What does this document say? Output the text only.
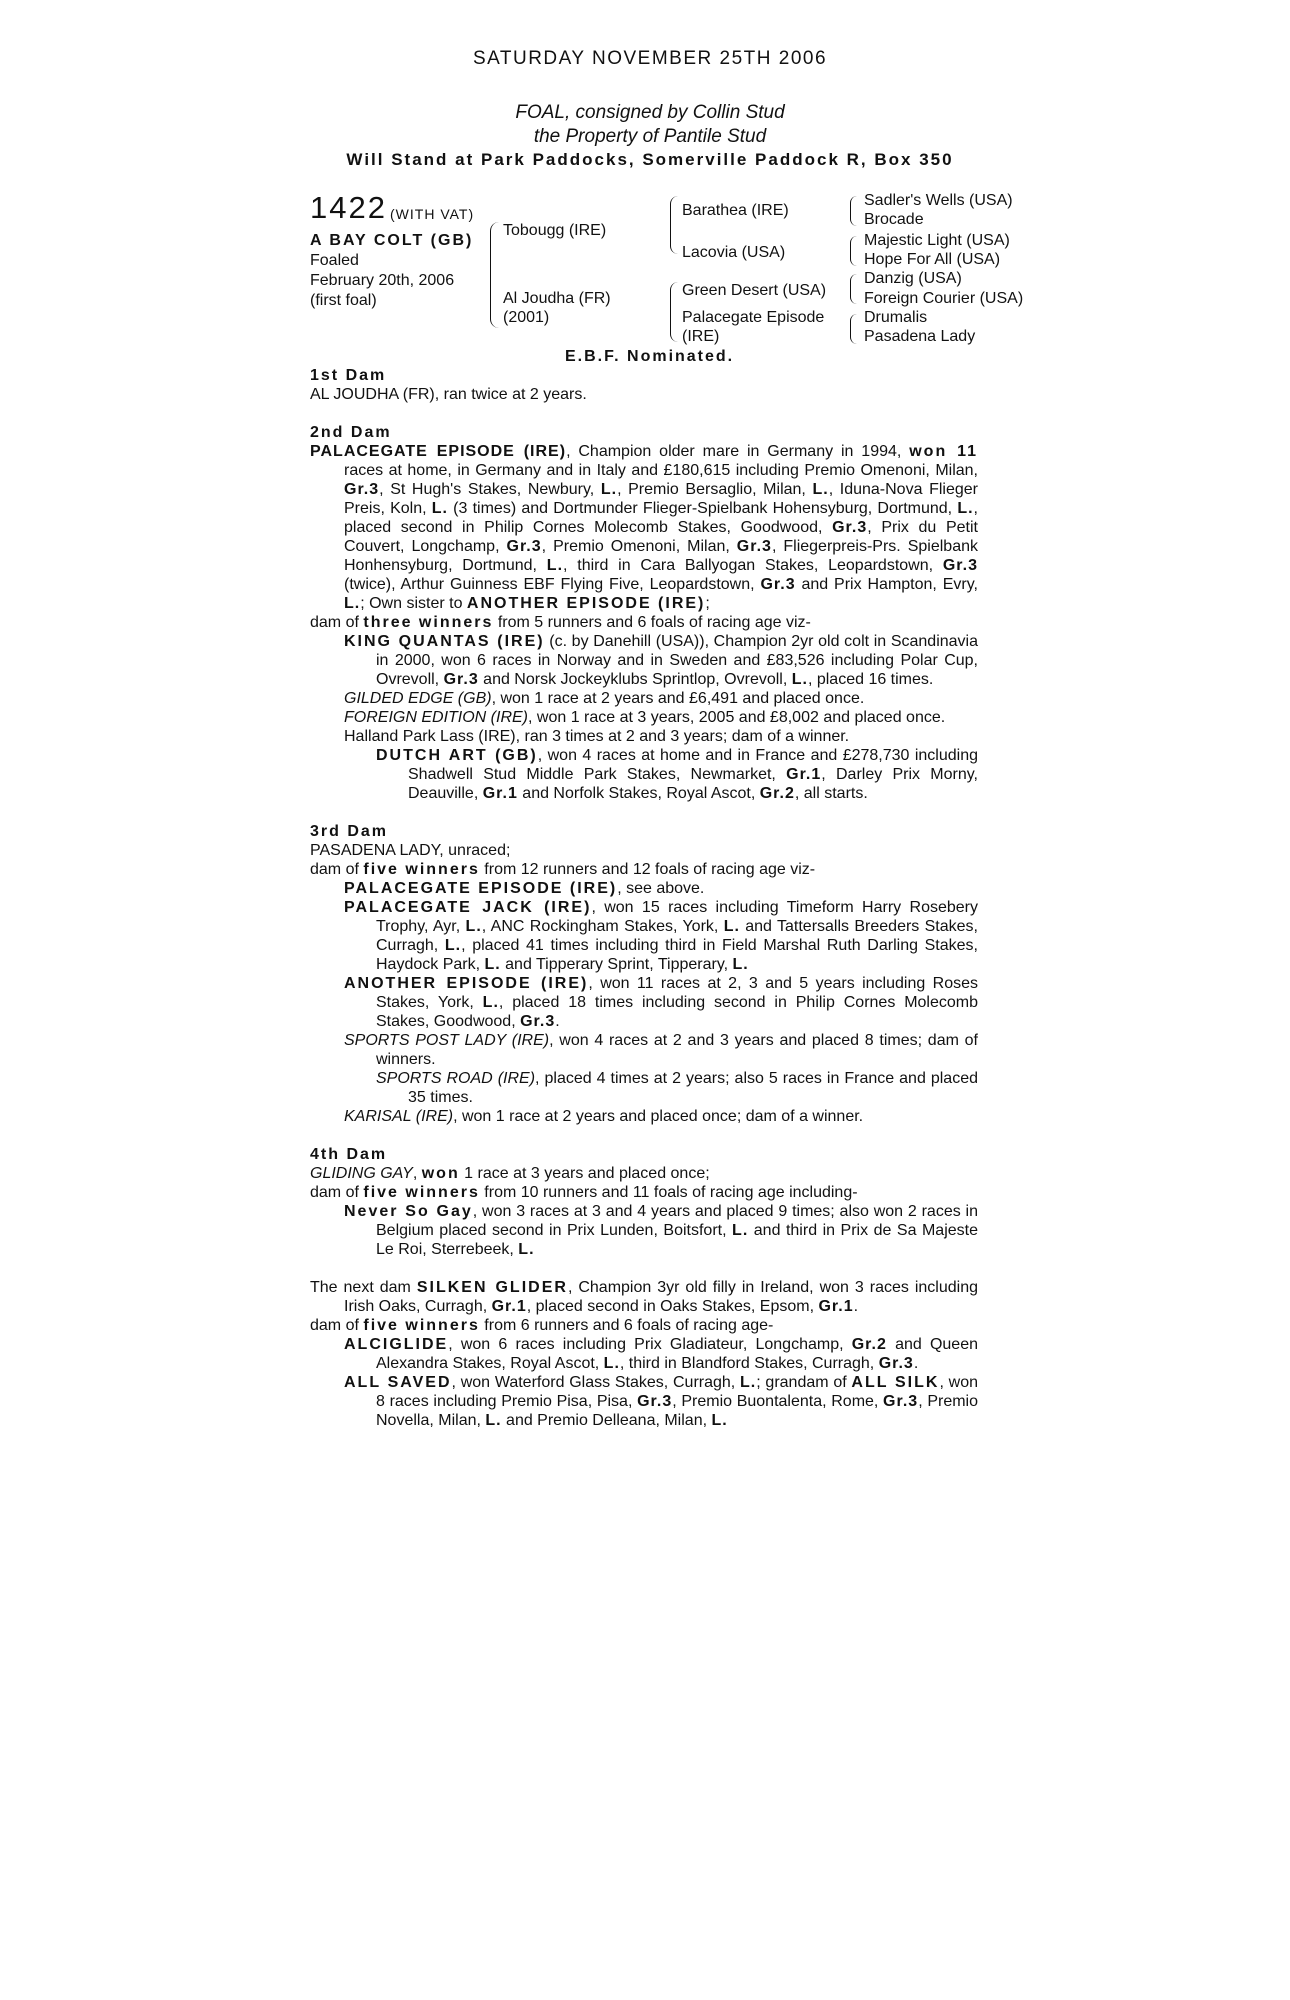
SATURDAY NOVEMBER 25TH 2006
FOAL, consigned by Collin Stud
the Property of Pantile Stud
Will Stand at Park Paddocks, Somerville Paddock R, Box 350
1422 (WITH VAT)
A BAY COLT (GB)
Foaled
February 20th, 2006
(first foal)
Tobougg (IRE)
Al Joudha (FR)
(2001)
Barathea (IRE)
Lacovia (USA)
Green Desert (USA)
Palacegate Episode
(IRE)
Sadler's Wells (USA)
Brocade
Majestic Light (USA)
Hope For All (USA)
Danzig (USA)
Foreign Courier (USA)
Drumalis
Pasadena Lady
E.B.F. Nominated.

1st Dam

AL JOUDHA (FR), ran twice at 2 years.

2nd Dam

PALACEGATE EPISODE (IRE), Champion older mare in Germany in 1994, won 11 races at home, in Germany and in Italy and £180,615 including Premio Omenoni, Milan, Gr.3, St Hugh's Stakes, Newbury, L., Premio Bersaglio, Milan, L., Iduna-Nova Flieger Preis, Koln, L. (3 times) and Dortmunder Flieger-Spielbank Hohensyburg, Dortmund, L., placed second in Philip Cornes Molecomb Stakes, Goodwood, Gr.3, Prix du Petit Couvert, Longchamp, Gr.3, Premio Omenoni, Milan, Gr.3, Fliegerpreis-Prs. Spielbank Honhensyburg, Dortmund, L., third in Cara Ballyogan Stakes, Leopardstown, Gr.3 (twice), Arthur Guinness EBF Flying Five, Leopardstown, Gr.3 and Prix Hampton, Evry, L.; Own sister to ANOTHER EPISODE (IRE);

dam of three winners from 5 runners and 6 foals of racing age viz-

KING QUANTAS (IRE) (c. by Danehill (USA)), Champion 2yr old colt in Scandinavia in 2000, won 6 races in Norway and in Sweden and £83,526 including Polar Cup, Ovrevoll, Gr.3 and Norsk Jockeyklubs Sprintlop, Ovrevoll, L., placed 16 times.

GILDED EDGE (GB), won 1 race at 2 years and £6,491 and placed once.

FOREIGN EDITION (IRE), won 1 race at 3 years, 2005 and £8,002 and placed once.

Halland Park Lass (IRE), ran 3 times at 2 and 3 years; dam of a winner.

DUTCH ART (GB), won 4 races at home and in France and £278,730 including Shadwell Stud Middle Park Stakes, Newmarket, Gr.1, Darley Prix Morny, Deauville, Gr.1 and Norfolk Stakes, Royal Ascot, Gr.2, all starts.

3rd Dam

PASADENA LADY, unraced;

dam of five winners from 12 runners and 12 foals of racing age viz-

PALACEGATE EPISODE (IRE), see above.

PALACEGATE JACK (IRE), won 15 races including Timeform Harry Rosebery Trophy, Ayr, L., ANC Rockingham Stakes, York, L. and Tattersalls Breeders Stakes, Curragh, L., placed 41 times including third in Field Marshal Ruth Darling Stakes, Haydock Park, L. and Tipperary Sprint, Tipperary, L.

ANOTHER EPISODE (IRE), won 11 races at 2, 3 and 5 years including Roses Stakes, York, L., placed 18 times including second in Philip Cornes Molecomb Stakes, Goodwood, Gr.3.

SPORTS POST LADY (IRE), won 4 races at 2 and 3 years and placed 8 times; dam of winners.

SPORTS ROAD (IRE), placed 4 times at 2 years; also 5 races in France and placed 35 times.

KARISAL (IRE), won 1 race at 2 years and placed once; dam of a winner.

4th Dam

GLIDING GAY, won 1 race at 3 years and placed once;

dam of five winners from 10 runners and 11 foals of racing age including-

Never So Gay, won 3 races at 3 and 4 years and placed 9 times; also won 2 races in Belgium placed second in Prix Lunden, Boitsfort, L. and third in Prix de Sa Majeste Le Roi, Sterrebeek, L.

The next dam SILKEN GLIDER, Champion 3yr old filly in Ireland, won 3 races including Irish Oaks, Curragh, Gr.1, placed second in Oaks Stakes, Epsom, Gr.1.

dam of five winners from 6 runners and 6 foals of racing age-

ALCIGLIDE, won 6 races including Prix Gladiateur, Longchamp, Gr.2 and Queen Alexandra Stakes, Royal Ascot, L., third in Blandford Stakes, Curragh, Gr.3.

ALL SAVED, won Waterford Glass Stakes, Curragh, L.; grandam of ALL SILK, won 8 races including Premio Pisa, Pisa, Gr.3, Premio Buontalenta, Rome, Gr.3, Premio Novella, Milan, L. and Premio Delleana, Milan, L.
